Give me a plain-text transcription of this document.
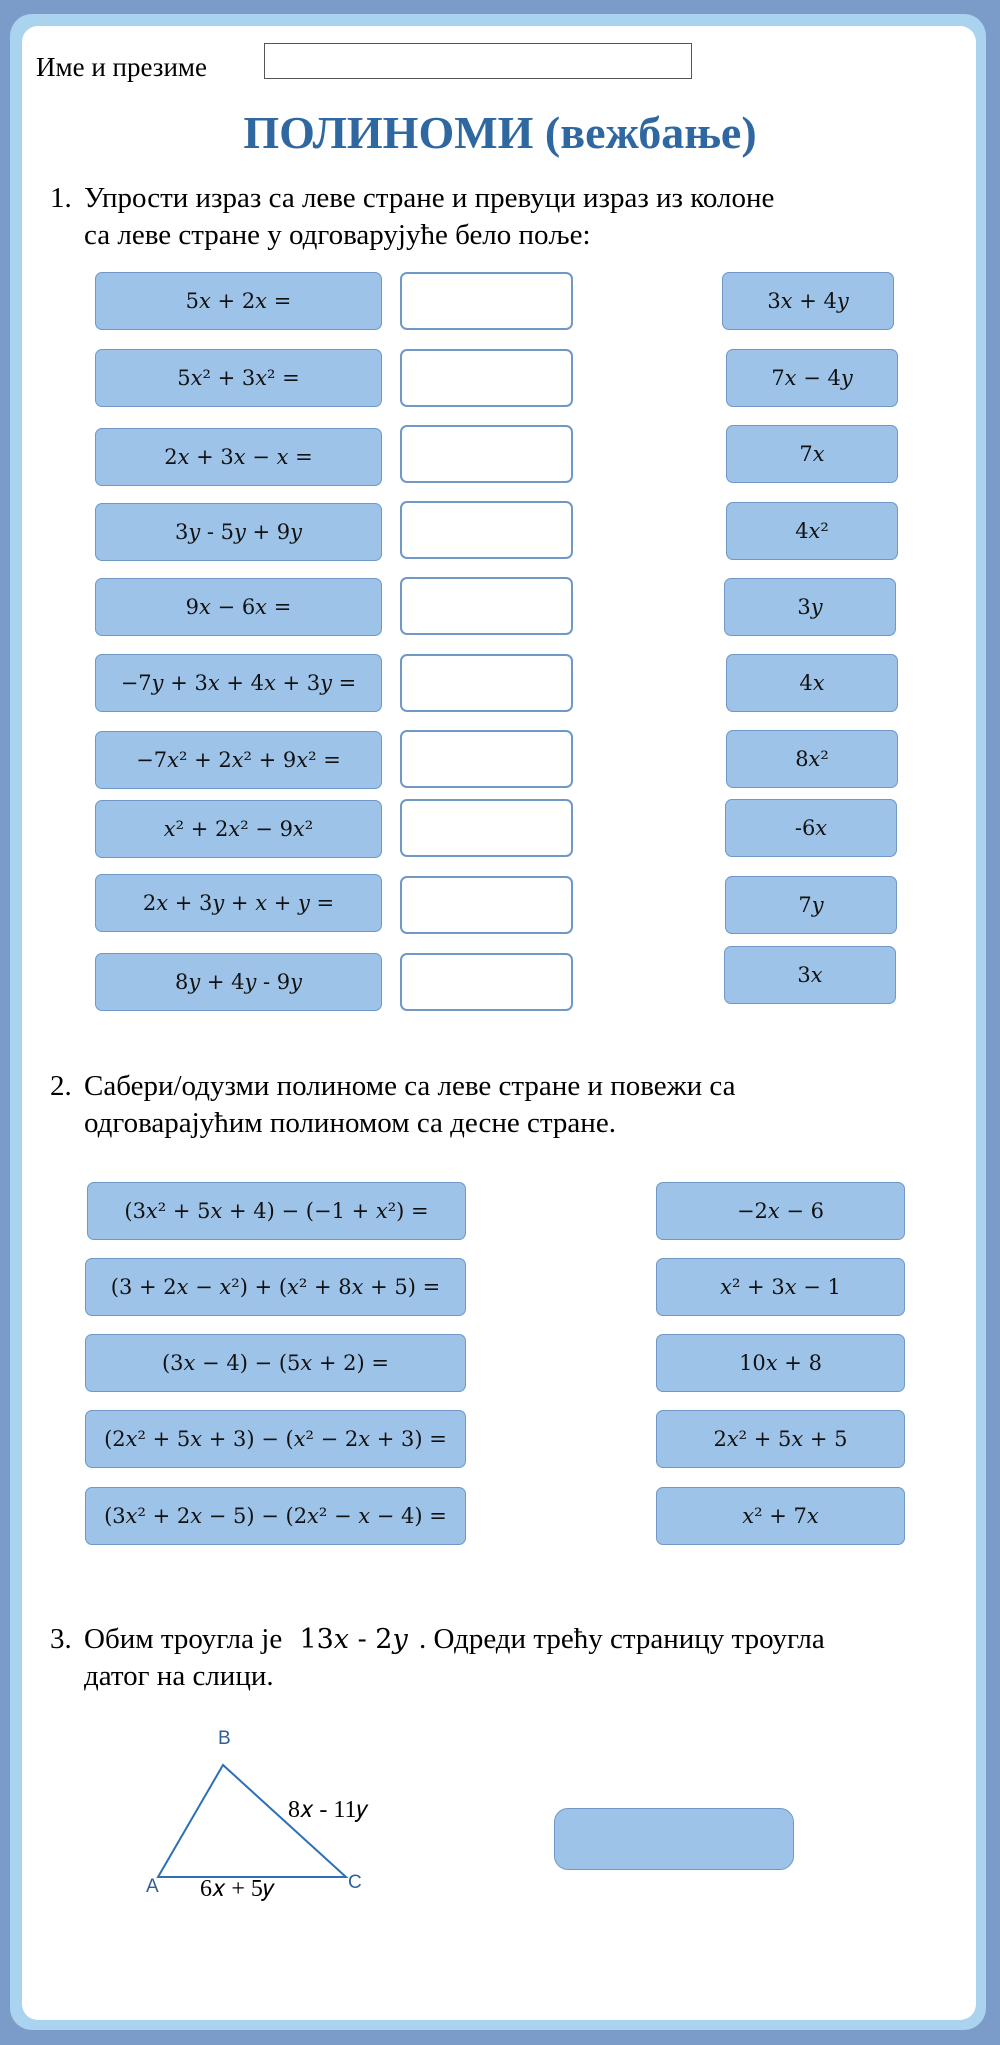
Име и презиме
ПОЛИНОМИ (вежбање)
1. Упрости израз са леве стране и превуци израз из колоне
са леве стране у одговарујуће бело поље:
5𝑥 + 2𝑥 =
5𝑥² + 3𝑥² =
2𝑥 + 3𝑥 − 𝑥 =
3𝑦 - 5𝑦 + 9𝑦
9𝑥 − 6𝑥 =
−7𝑦 + 3𝑥 + 4𝑥 + 3𝑦 =
−7𝑥² + 2𝑥² + 9𝑥² =
𝑥² + 2𝑥² − 9𝑥²
2𝑥 + 3𝑦 + 𝑥 + 𝑦 =
8𝑦 + 4𝑦 - 9𝑦
3𝑥 + 4𝑦
7𝑥 − 4𝑦
7𝑥
4𝑥²
3𝑦
4𝑥
8𝑥²
-6𝑥
7𝑦
3𝑥
2. Сабери/одузми полиноме са леве стране и повежи са
одговарајућим полиномом са десне стране.
(3𝑥² + 5𝑥 + 4) − (−1 + 𝑥²) =
(3 + 2𝑥 − 𝑥²) + (𝑥² + 8𝑥 + 5) =
(3𝑥 − 4) − (5𝑥 + 2) =
(2𝑥² + 5𝑥 + 3) − (𝑥² − 2𝑥 + 3) =
(3𝑥² + 2𝑥 − 5) − (2𝑥² − 𝑥 − 4) =
−2𝑥 − 6
𝑥² + 3𝑥 − 1
10𝑥 + 8
2𝑥² + 5𝑥 + 5
𝑥² + 7𝑥
3. Обим троугла је 13𝑥 - 2𝑦 . Одреди трећу страницу троугла
датог на слици.
A
B
C
8𝑥 - 11𝑦
6𝑥 + 5𝑦
